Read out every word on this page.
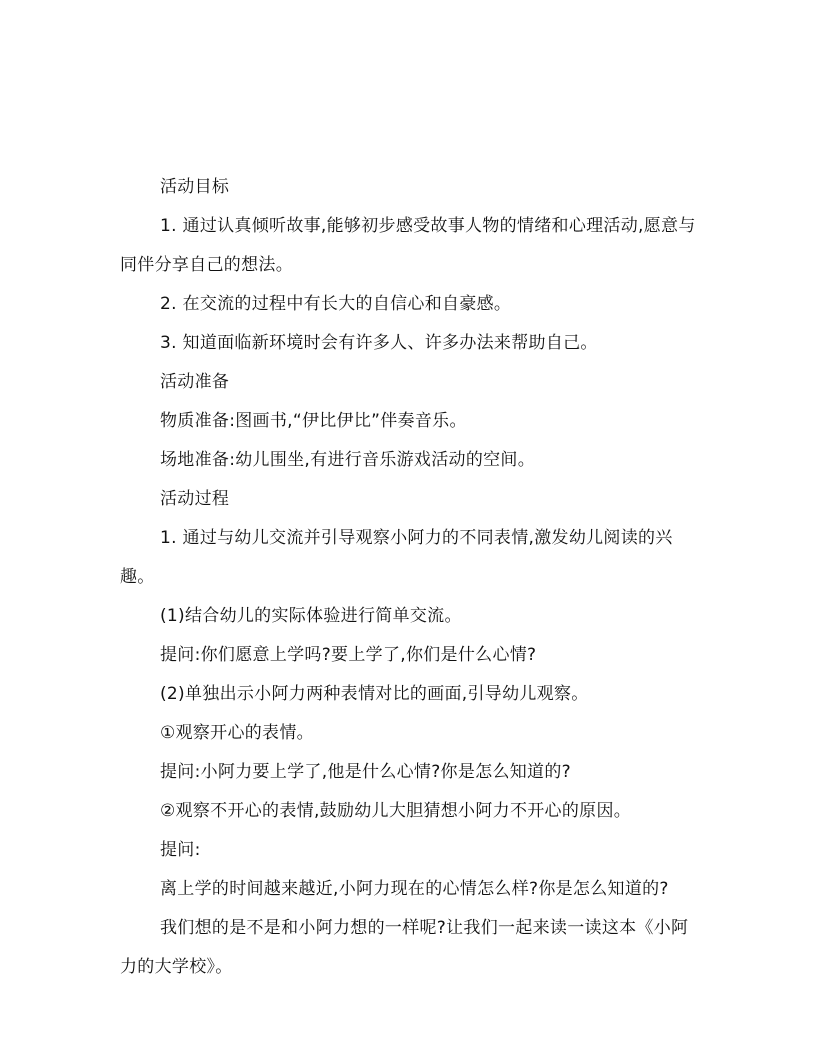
活动目标

1. 通过认真倾听故事,能够初步感受故事人物的情绪和心理活动,愿意与同伴分享自己的想法。

2. 在交流的过程中有长大的自信心和自豪感。

3. 知道面临新环境时会有许多人、许多办法来帮助自己。

活动准备

物质准备:图画书,“伊比伊比”伴奏音乐。

场地准备:幼儿围坐,有进行音乐游戏活动的空间。

活动过程

1. 通过与幼儿交流并引导观察小阿力的不同表情,激发幼儿阅读的兴趣。

(1)结合幼儿的实际体验进行简单交流。

提问:你们愿意上学吗?要上学了,你们是什么心情?

(2)单独出示小阿力两种表情对比的画面,引导幼儿观察。

①观察开心的表情。

提问:小阿力要上学了,他是什么心情?你是怎么知道的?

②观察不开心的表情,鼓励幼儿大胆猜想小阿力不开心的原因。

提问:

离上学的时间越来越近,小阿力现在的心情怎么样?你是怎么知道的?

我们想的是不是和小阿力想的一样呢?让我们一起来读一读这本《小阿力的大学校》。
